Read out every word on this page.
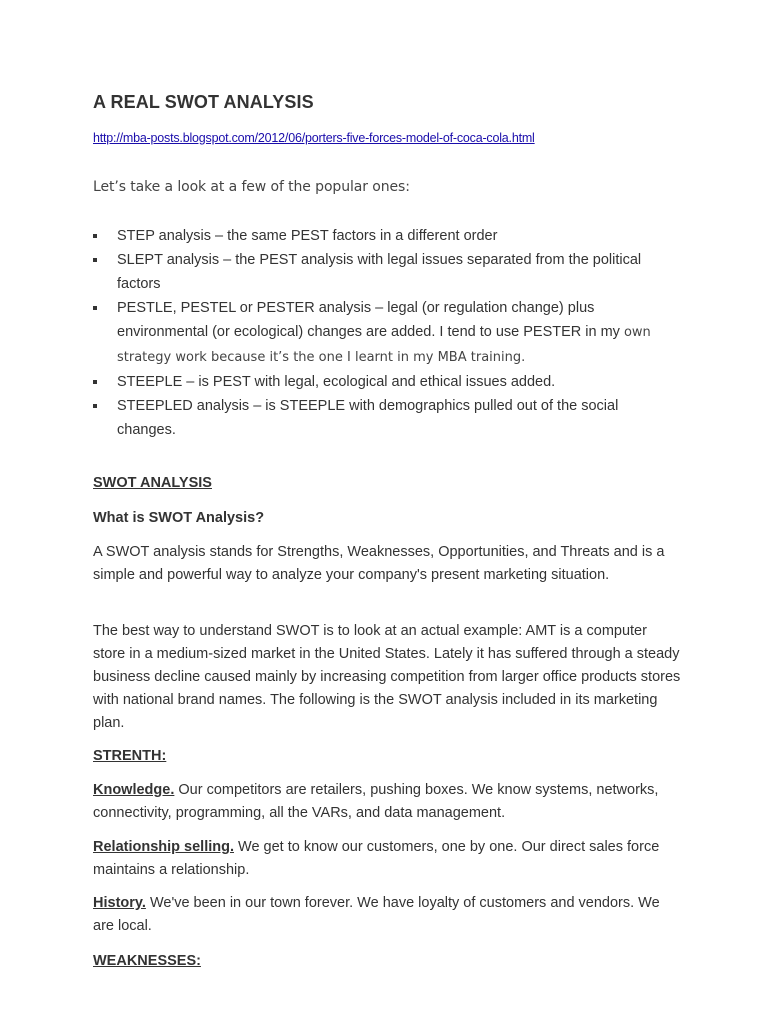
A REAL SWOT ANALYSIS
http://mba-posts.blogspot.com/2012/06/porters-five-forces-model-of-coca-cola.html
Let’s take a look at a few of the popular ones:
STEP analysis – the same PEST factors in a different order
SLEPT analysis – the PEST analysis with legal issues separated from the political factors
PESTLE, PESTEL or PESTER analysis – legal (or regulation change) plus environmental (or ecological) changes are added. I tend to use PESTER in my own strategy work because it’s the one I learnt in my MBA training.
STEEPLE – is PEST with legal, ecological and ethical issues added.
STEEPLED analysis – is STEEPLE with demographics pulled out of the social changes.

SWOT ANALYSIS

What is SWOT Analysis?

A SWOT analysis stands for Strengths, Weaknesses, Opportunities, and Threats and is a simple and powerful way to analyze your company's present marketing situation.

The best way to understand SWOT is to look at an actual example: AMT is a computer store in a medium-sized market in the United States. Lately it has suffered through a steady business decline caused mainly by increasing competition from larger office products stores with national brand names. The following is the SWOT analysis included in its marketing plan.

STRENTH:

Knowledge. Our competitors are retailers, pushing boxes. We know systems, networks, connectivity, programming, all the VARs, and data management.

Relationship selling. We get to know our customers, one by one. Our direct sales force maintains a relationship.

History. We've been in our town forever. We have loyalty of customers and vendors. We are local.

WEAKNESSES:
